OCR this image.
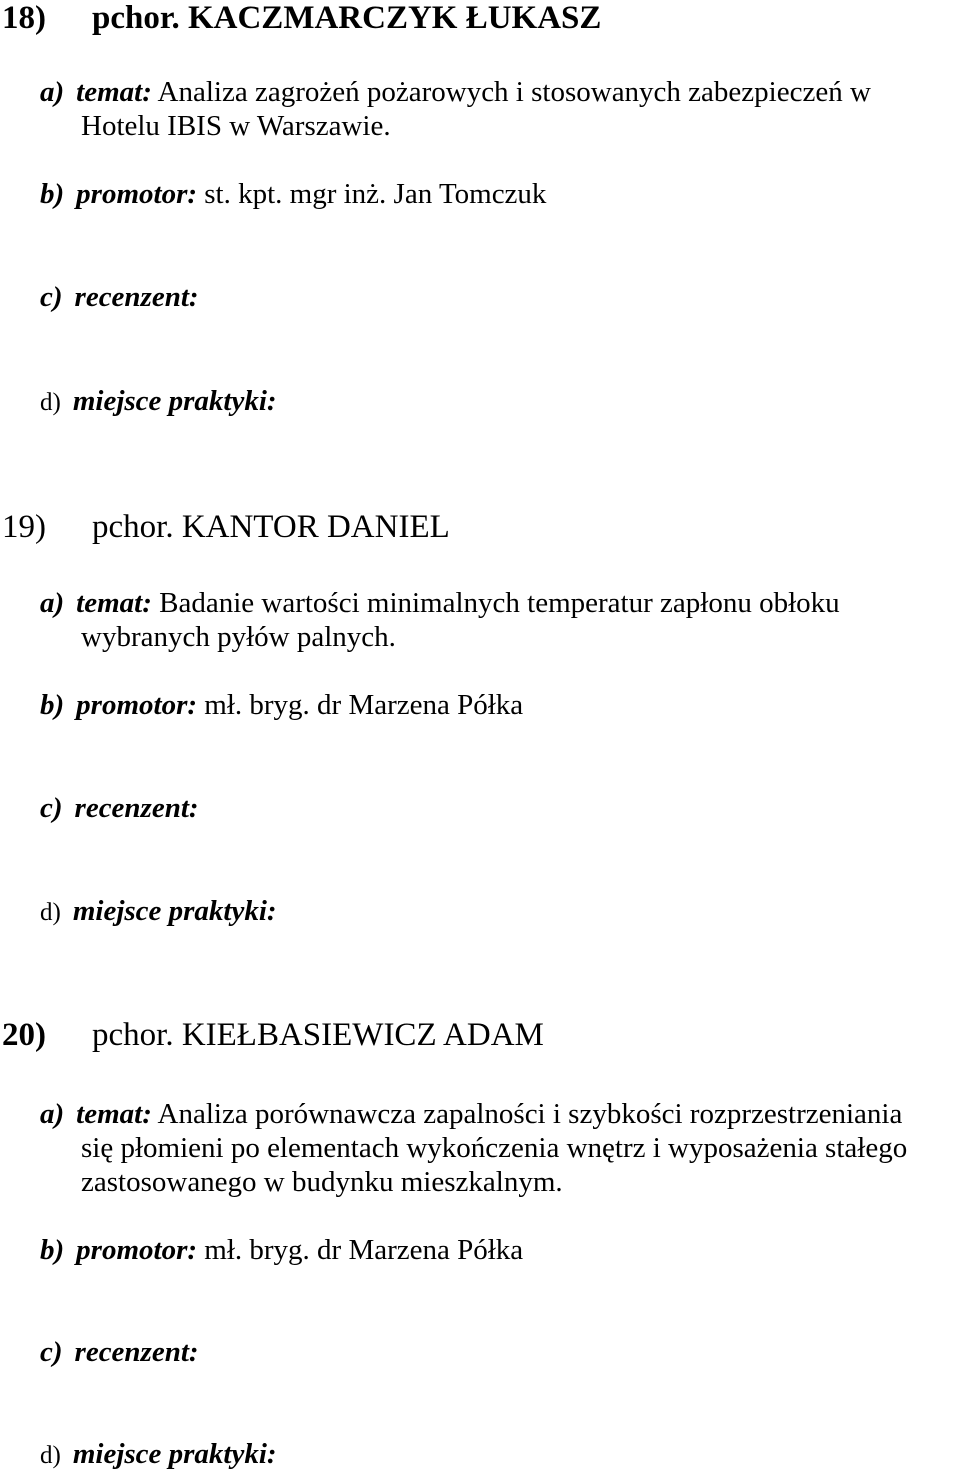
18) pchor. KACZMARCZYK ŁUKASZ
a) temat: Analiza zagrożeń pożarowych i stosowanych zabezpieczeń w
Hotelu IBIS w Warszawie.
b) promotor: st. kpt. mgr inż. Jan Tomczuk
c) recenzent:
d) miejsce praktyki:
19) pchor. KANTOR DANIEL
a) temat: Badanie wartości minimalnych temperatur zapłonu obłoku
wybranych pyłów palnych.
b) promotor: mł. bryg. dr Marzena Półka
c) recenzent:
d) miejsce praktyki:
20) pchor. KIEŁBASIEWICZ ADAM
a) temat: Analiza porównawcza zapalności i szybkości rozprzestrzeniania
się płomieni po elementach wykończenia wnętrz i wyposażenia stałego
zastosowanego w budynku mieszkalnym.
b) promotor: mł. bryg. dr Marzena Półka
c) recenzent:
d) miejsce praktyki:
